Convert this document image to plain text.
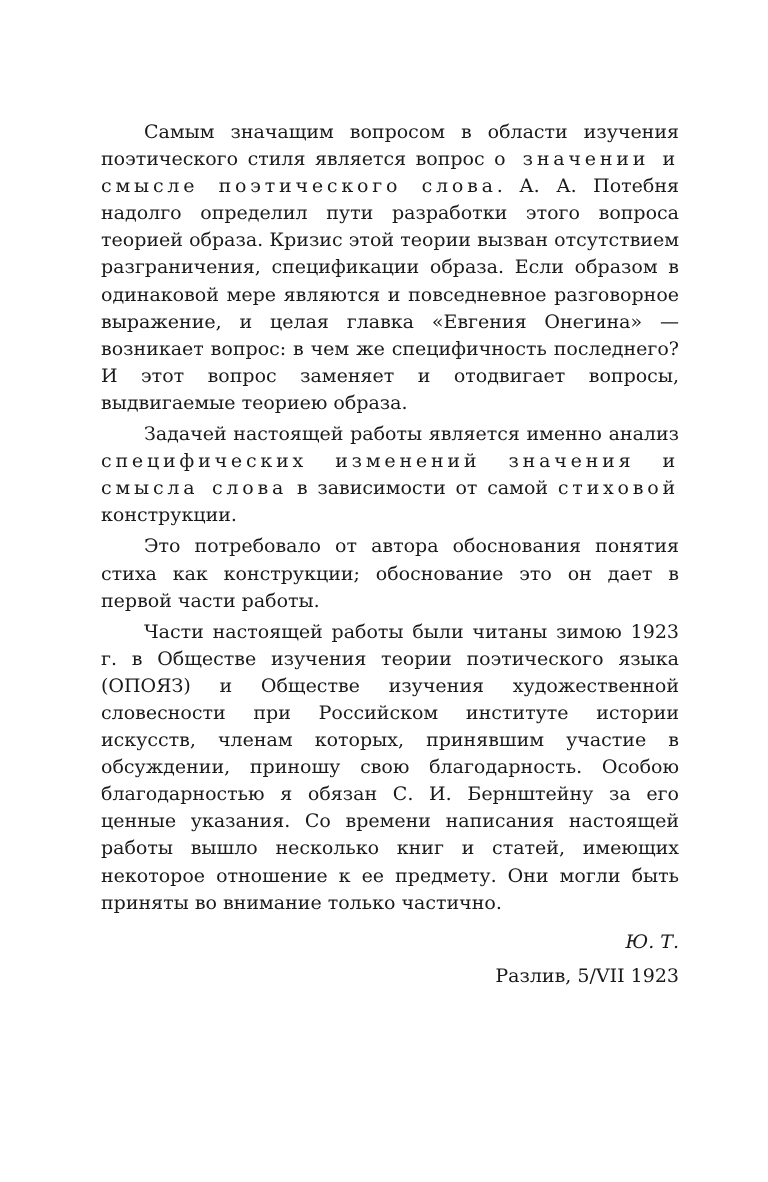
Самым значащим вопросом в области изучения поэтического стиля является вопрос о значении и смысле поэтического слова. А. А. Потебня надолго определил пути разработки этого вопроса теорией образа. Кризис этой теории вызван отсутствием разграничения, спецификации образа. Если образом в одинаковой мере являются и повседневное разговорное выражение, и целая главка «Евгения Онегина» — возникает вопрос: в чем же специфичность последнего? И этот вопрос заменяет и отодвигает вопросы, выдвигаемые теориею образа.

Задачей настоящей работы является именно анализ специфических изменений значения и смысла слова в зависимости от самой стиховой конструкции.

Это потребовало от автора обоснования понятия стиха как конструкции; обоснование это он дает в первой части работы.

Части настоящей работы были читаны зимою 1923 г. в Обществе изучения теории поэтического языка (ОПОЯЗ) и Обществе изучения художественной словесности при Российском институте истории искусств, членам которых, принявшим участие в обсуждении, приношу свою благодарность. Особою благодарностью я обязан С. И. Бернштейну за его ценные указания. Со времени написания настоящей работы вышло несколько книг и статей, имеющих некоторое отношение к ее предмету. Они могли быть приняты во внимание только частично.

Ю. Т.
Разлив, 5/VII 1923
